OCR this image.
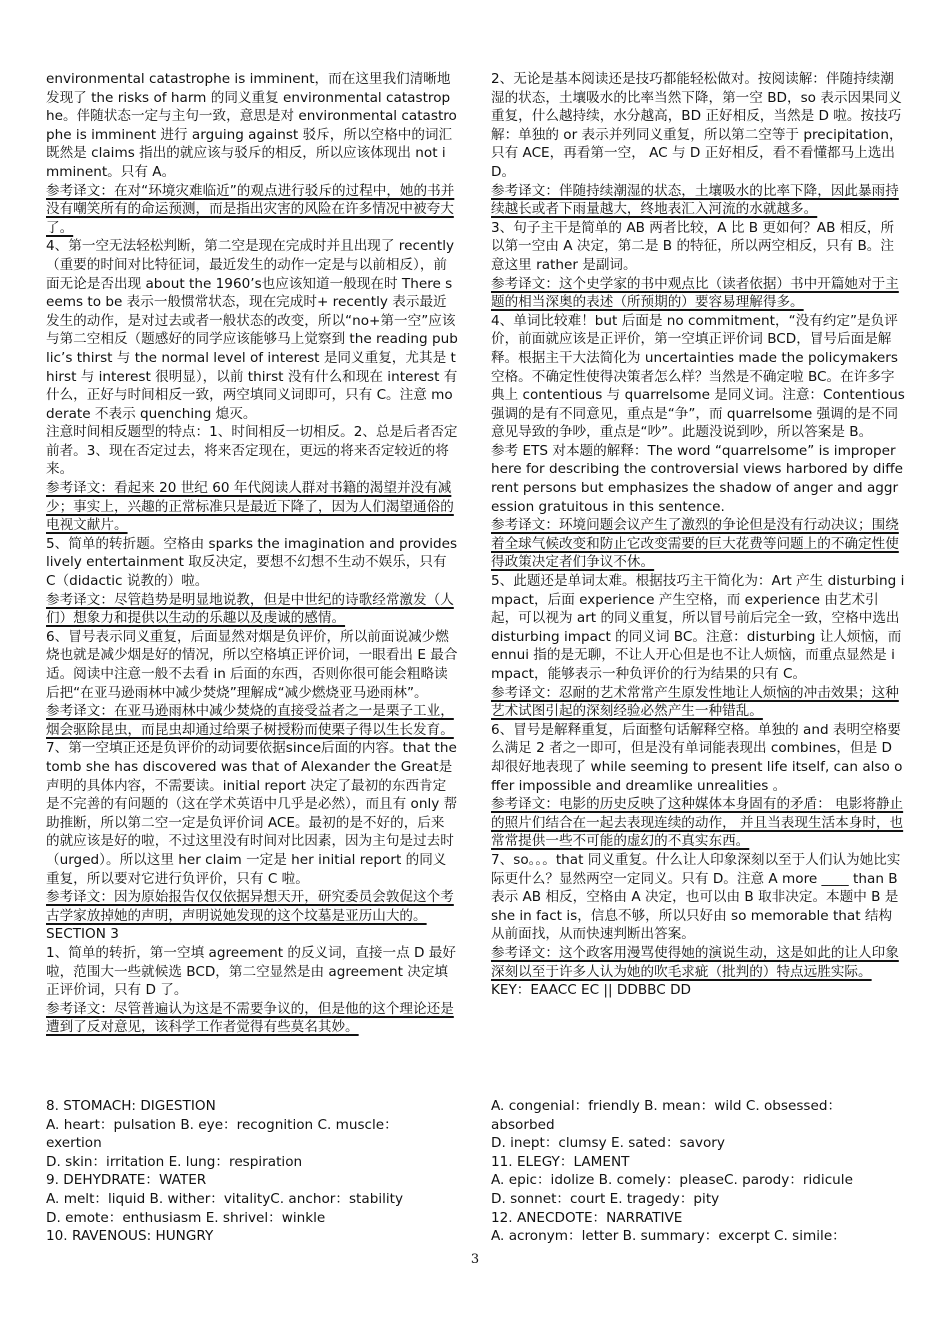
environmental catastrophe is imminent，而在这里我们清晰地发现了 the risks of harm 的同义重复 environmental catastrophe。伴随状态一定与主句一致，意思是对 environmental catastrophe is imminent 进行 arguing against 驳斥，所以空格中的词汇既然是 claims 指出的就应该与驳斥的相反，所以应该体现出 not imminent。只有 A。

参考译文：在对“环境灾难临近”的观点进行驳斥的过程中，她的书并没有嘲笑所有的命运预测，而是指出灾害的风险在许多情况中被夸大了。

4、第一空无法轻松判断，第二空是现在完成时并且出现了 recently（重要的时间对比特征词，最近发生的动作一定是与以前相反），前面无论是否出现 about the 1960’s也应该知道一般现在时 There seems to be 表示一般惯常状态，现在完成时+ recently 表示最近发生的动作，是对过去或者一般状态的改变，所以“no+第一空”应该与第二空相反（题感好的同学应该能够马上觉察到 the reading public’s thirst 与 the normal level of interest 是同义重复，尤其是 thirst 与 interest 很明显），以前 thirst 没有什么和现在 interest 有什么，正好与时间相反一致，两空填同义词即可，只有 C。注意 moderate 不表示 quenching 熄灭。

注意时间相反题型的特点：1、时间相反一切相反。2、总是后者否定前者。3、现在否定过去，将来否定现在，更远的将来否定较近的将来。

参考译文：看起来 20 世纪 60 年代阅读人群对书籍的渴望并没有减少；事实上，兴趣的正常标准只是最近下降了，因为人们渴望通俗的电视文献片。

5、简单的转折题。空格由 sparks the imagination and provides lively entertainment 取反决定，要想不幻想不生动不娱乐，只有 C（didactic 说教的）啦。

参考译文：尽管趋势是明显地说教，但是中世纪的诗歌经常激发（人们）想象力和提供以生动的乐趣以及虔诚的感情。

6、冒号表示同义重复，后面显然对烟是负评价，所以前面说减少燃烧也就是减少烟是好的情况，所以空格填正评价词，一眼看出 E 最合适。阅读中注意一般不去看 in 后面的东西，否则你很可能会粗略读后把“在亚马逊雨林中减少焚烧”理解成“减少燃烧亚马逊雨林”。

参考译文：在亚马逊雨林中减少焚烧的直接受益者之一是栗子工业，烟会驱除昆虫，而昆虫却通过给栗子树授粉而使栗子得以生长发育。

7、第一空填正还是负评价的动词要依据since后面的内容。that the tomb she has discovered was that of Alexander the Great是声明的具体内容，不需要读。initial report 决定了最初的东西肯定是不完善的有问题的（这在学术英语中几乎是必然），而且有 only 帮助推断，所以第二空一定是负评价词 ACE。最初的是不好的，后来的就应该是好的啦，不过这里没有时间对比因素，因为主句是过去时（urged）。所以这里 her claim 一定是 her initial report 的同义重复，所以要对它进行负评价，只有 C 啦。

参考译文：因为原始报告仅仅依据异想天开，研究委员会敦促这个考古学家放掉她的声明，声明说她发现的这个坟墓是亚历山大的。

SECTION 3

1、简单的转折，第一空填 agreement 的反义词，直接一点 D 最好啦，范围大一些就候选 BCD，第二空显然是由 agreement 决定填正评价词，只有 D 了。

参考译文：尽管普遍认为这是不需要争议的，但是他的这个理论还是遭到了反对意见，该科学工作者觉得有些莫名其妙。

2、无论是基本阅读还是技巧都能轻松做对。按阅读解：伴随持续潮湿的状态，土壤吸水的比率当然下降，第一空 BD，so 表示因果同义重复，什么越持续，水分越高，BD 正好相反，当然是 D 啦。按技巧解：单独的 or 表示并列同义重复，所以第二空等于 precipitation，只有 ACE，再看第一空， AC 与 D 正好相反，看不看懂都马上选出 D。

参考译文：伴随持续潮湿的状态，土壤吸水的比率下降，因此暴雨持续越长或者下雨量越大，终地表汇入河流的水就越多。

3、句子主干是简单的 AB 两者比较，A 比 B 更如何？AB 相反，所以第一空由 A 决定，第二是 B 的特征，所以两空相反，只有 B。注意这里 rather 是副词。

参考译文：这个史学家的书中观点比（读者依据）书中开篇她对于主题的相当深奥的表述（所预期的）要容易理解得多。

4、单词比较难！but 后面是 no commitment，“没有约定”是负评价，前面就应该是正评价，第一空填正评价词 BCD，冒号后面是解释。根据主干大法简化为 uncertainties made the policymakers 空格。不确定性使得决策者怎么样？当然是不确定啦 BC。在许多字典上 contentious 与 quarrelsome 是同义词。注意：Contentious 强调的是有不同意见，重点是“争”，而 quarrelsome 强调的是不同意见导致的争吵，重点是“吵”。此题没说到吵，所以答案是 B。

参考 ETS 对本题的解释：The word “quarrelsome” is improper here for describing the controversial views harbored by different persons but emphasizes the shadow of anger and aggression gratuitous in this sentence.

参考译文：环境问题会议产生了激烈的争论但是没有行动决议；围绕着全球气候改变和防止它改变需要的巨大花费等问题上的不确定性使得政策决定者们争议不休。

5、此题还是单词太难。根据技巧主干简化为：Art 产生 disturbing impact，后面 experience 产生空格，而 experience 由艺术引起，可以视为 art 的同义重复，所以冒号前后完全一致，空格中选出 disturbing impact 的同义词 BC。注意：disturbing 让人烦恼，而 ennui 指的是无聊，不让人开心但是也不让人烦恼，而重点显然是 impact，能够表示一种负评价的行为结果的只有 C。

参考译文：忍耐的艺术常常产生原发性地让人烦恼的冲击效果；这种艺术试图引起的深刻经验必然产生一种错乱。

6、冒号是解释重复，后面整句话解释空格。单独的 and 表明空格要么满足 2 者之一即可，但是没有单词能表现出 combines，但是 D 却很好地表现了 while seeming to present life itself, can also offer impossible and dreamlike unrealities 。

参考译文：电影的历史反映了这种媒体本身固有的矛盾： 电影将静止的照片们结合在一起去表现连续的动作， 并且当表现生活本身时，也常常提供一些不可能的虚幻的不真实东西。

7、so。。。that 同义重复。什么让人印象深刻以至于人们认为她比实际更什么？显然两空一定同义。只有 D。注意 A more ____ than B 表示 AB 相反，空格由 A 决定，也可以由 B 取非决定。本题中 B 是 she in fact is，信息不够，所以只好由 so memorable that 结构从前面找，从而快速判断出答案。

参考译文：这个政客用漫骂使得她的演说生动，这是如此的让人印象深刻以至于许多人认为她的吹毛求疵（批判的）特点远胜实际。

KEY：EAACC EC || DDBBC DD

8. STOMACH: DIGESTION

A. heart：pulsation B. eye：recognition C. muscle：

exertion

D. skin：irritation E. lung：respiration

9. DEHYDRATE：WATER

A. melt：liquid B. wither：vitalityC. anchor：stability

D. emote：enthusiasm E. shrivel：winkle

10. RAVENOUS: HUNGRY

A. congenial：friendly B. mean：wild C. obsessed：

absorbed

D. inept：clumsy E. sated：savory

11. ELEGY：LAMENT

A. epic：idolize B. comely：pleaseC. parody：ridicule

D. sonnet：court E. tragedy：pity

12. ANECDOTE：NARRATIVE

A. acronym：letter B. summary：excerpt C. simile：

3
